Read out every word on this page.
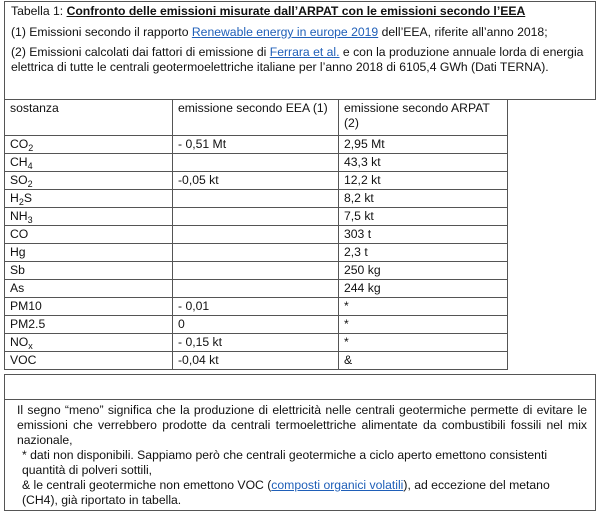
Tabella 1: Confronto delle emissioni misurate dall’ARPAT con le emissioni secondo l’EEA

(1) Emissioni secondo il rapporto Renewable energy in europe 2019 dell’EEA, riferite all’anno 2018;

(2) Emissioni calcolati dai fattori di emissione di Ferrara et al. e con la produzione annuale lorda di energia elettrica di tutte le centrali geotermoelettriche italiane per l’anno 2018 di 6105,4 GWh (Dati TERNA).

sostanza	emissione secondo EEA (1)	emissione secondo ARPAT (2)
$CO_2$	- 0,51 Mt	2,95 Mt
$CH_4$		43,3 kt
$SO_2$	-0,05 kt	12,2 kt
$H_2S$		8,2 kt
$NH_3$		7,5 kt
CO		303 t
Hg		2,3 t
Sb		250 kg
As		244 kg
PM10	- 0,01	*
PM2.5	0	*
$NO_x$	- 0,15 kt	*
VOC	-0,04 kt	&

Il segno “meno” significa che la produzione di elettricità nelle centrali geotermiche permette di evitare le emissioni che verrebbero prodotte da centrali termoelettriche alimentate da combustibili fossili nel mix nazionale,

* dati non disponibili. Sappiamo però che centrali geotermiche a ciclo aperto emettono consistenti quantità di polveri sottili,

& le centrali geotermiche non emettono VOC (composti organici volatili), ad eccezione del metano (CH4), già riportato in tabella.
